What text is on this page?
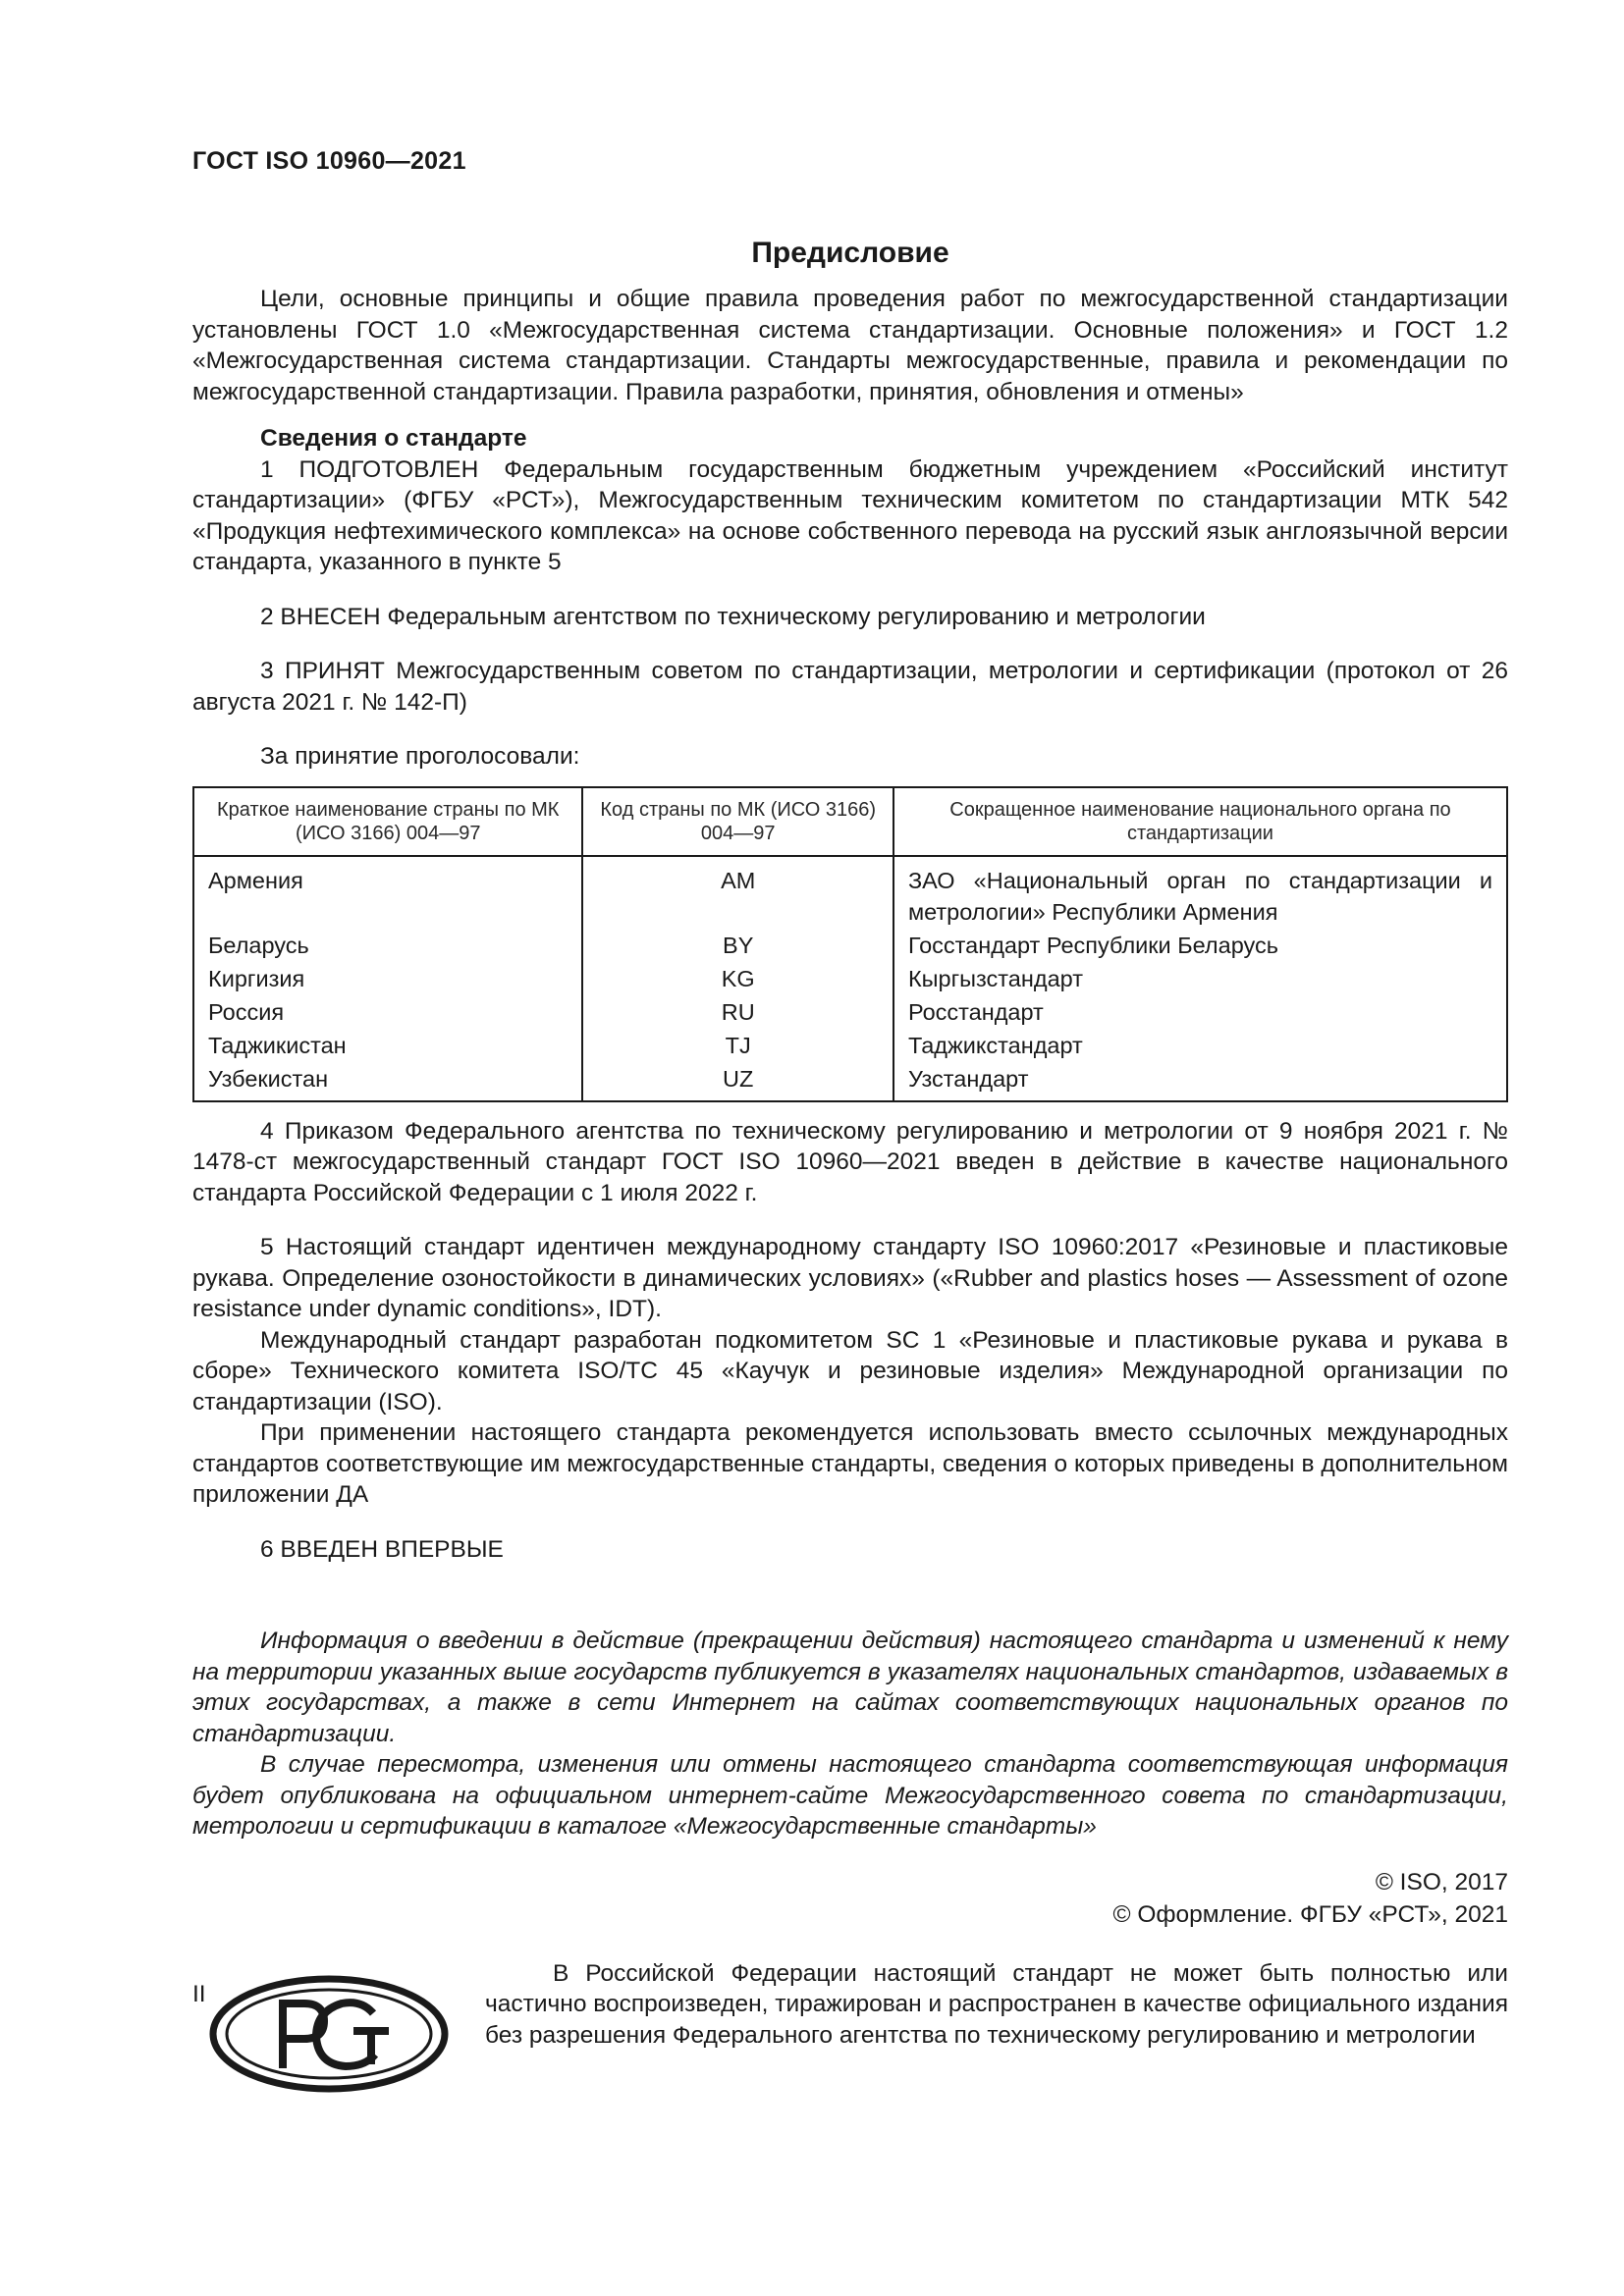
ГОСТ ISO 10960—2021
Предисловие

Цели, основные принципы и общие правила проведения работ по межгосударственной стандартизации установлены ГОСТ 1.0 «Межгосударственная система стандартизации. Основные положения» и ГОСТ 1.2 «Межгосударственная система стандартизации. Стандарты межгосударственные, правила и рекомендации по межгосударственной стандартизации. Правила разработки, принятия, обновления и отмены»

Сведения о стандарте

1 ПОДГОТОВЛЕН Федеральным государственным бюджетным учреждением «Российский институт стандартизации» (ФГБУ «РСТ»), Межгосударственным техническим комитетом по стандартизации МТК 542 «Продукция нефтехимического комплекса» на основе собственного перевода на русский язык англоязычной версии стандарта, указанного в пункте 5

2 ВНЕСЕН Федеральным агентством по техническому регулированию и метрологии

3 ПРИНЯТ Межгосударственным советом по стандартизации, метрологии и сертификации (протокол от 26 августа 2021 г. № 142-П)

За принятие проголосовали:

Краткое наименование страны по МК (ИСО 3166) 004—97	Код страны по МК (ИСО 3166) 004—97	Сокращенное наименование национального органа по стандартизации
Армения	AM	ЗАО «Национальный орган по стандартизации и метрологии» Республики Армения
Беларусь	BY	Госстандарт Республики Беларусь
Киргизия	KG	Кыргызстандарт
Россия	RU	Росстандарт
Таджикистан	TJ	Таджикстандарт
Узбекистан	UZ	Узстандарт

4 Приказом Федерального агентства по техническому регулированию и метрологии от 9 ноября 2021 г. № 1478-ст межгосударственный стандарт ГОСТ ISO 10960—2021 введен в действие в качестве национального стандарта Российской Федерации с 1 июля 2022 г.

5 Настоящий стандарт идентичен международному стандарту ISO 10960:2017 «Резиновые и пластиковые рукава. Определение озоностойкости в динамических условиях» («Rubber and plastics hoses — Assessment of ozone resistance under dynamic conditions», IDT).

Международный стандарт разработан подкомитетом SC 1 «Резиновые и пластиковые рукава и рукава в сборе» Технического комитета ISO/TC 45 «Каучук и резиновые изделия» Международной организации по стандартизации (ISO).

При применении настоящего стандарта рекомендуется использовать вместо ссылочных международных стандартов соответствующие им межгосударственные стандарты, сведения о которых приведены в дополнительном приложении ДА

6 ВВЕДЕН ВПЕРВЫЕ

Информация о введении в действие (прекращении действия) настоящего стандарта и изменений к нему на территории указанных выше государств публикуется в указателях национальных стандартов, издаваемых в этих государствах, а также в сети Интернет на сайтах соответствующих национальных органов по стандартизации.

В случае пересмотра, изменения или отмены настоящего стандарта соответствующая информация будет опубликована на официальном интернет-сайте Межгосударственного совета по стандартизации, метрологии и сертификации в каталоге «Межгосударственные стандарты»

© ISO, 2017
© Оформление. ФГБУ «РСТ», 2021

В Российской Федерации настоящий стандарт не может быть полностью или частично воспроизведен, тиражирован и распространен в качестве официального издания без разрешения Федерального агентства по техническому регулированию и метрологии

II
